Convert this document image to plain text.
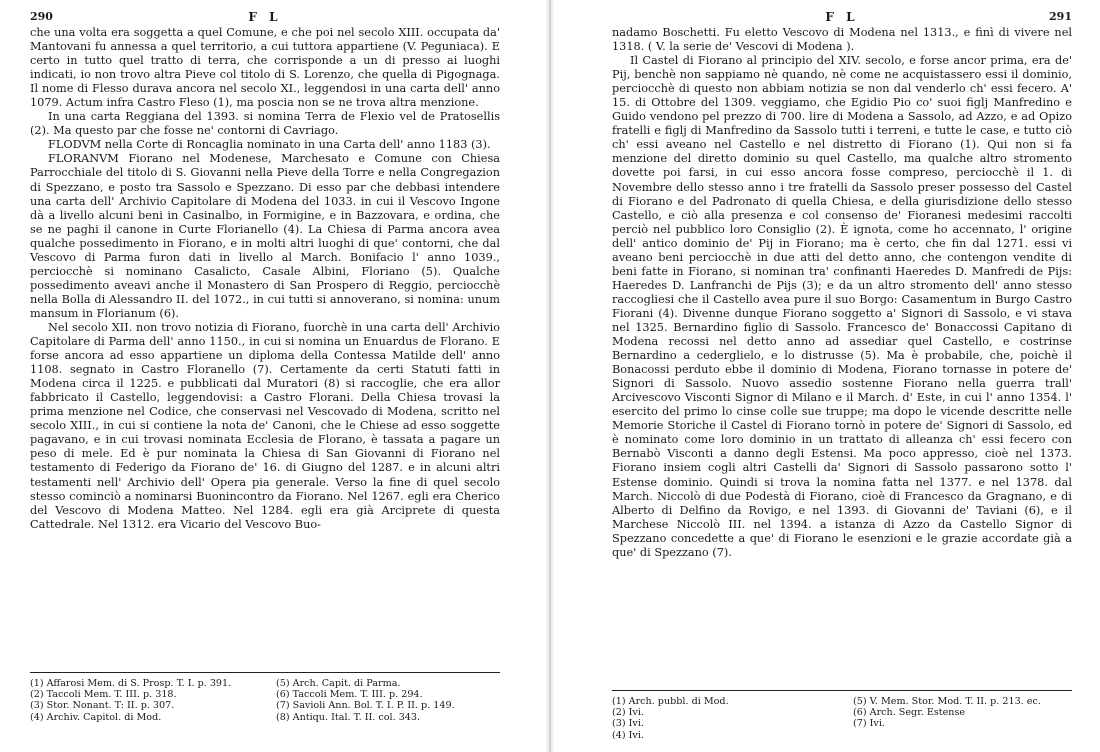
290	F L

che una volta era soggetta a quel Comune, e che poi nel secolo XIII. occupata da' Mantovani fu annessa a quel territorio, a cui tuttora appartiene (V. Peguniaca). E certo in tutto quel tratto di terra, che corrisponde a un di presso ai luoghi indicati, io non trovo altra Pieve col titolo di S. Lorenzo, che quella di Pigognaga. Il nome di Flesso durava ancora nel secolo XI., leggendosi in una carta dell' anno 1079. Actum infra Castro Fleso (1), ma poscia non se ne trova altra menzione.

In una carta Reggiana del 1393. si nomina Terra de Flexio vel de Pratosellis (2). Ma questo par che fosse ne' contorni di Cavriago.

FLODVM nella Corte di Roncaglia nominato in una Carta dell' anno 1183 (3).

FLORANVM Fiorano nel Modenese, Marchesato e Comune con Chiesa Parrocchiale del titolo di S. Giovanni nella Pieve della Torre e nella Congregazion di Spezzano, e posto tra Sassolo e Spezzano. Di esso par che debbasi intendere una carta dell' Archivio Capitolare di Modena del 1033. in cui il Vescovo Ingone dà a livello alcuni beni in Casinalbo, in Formigine, e in Bazzovara, e ordina, che se ne paghi il canone in Curte Florianello (4). La Chiesa di Parma ancora avea qualche possedimento in Fiorano, e in molti altri luoghi di que' contorni, che dal Vescovo di Parma furon dati in livello al March. Bonifacio l' anno 1039., perciocchè si nominano Casalicto, Casale Albini, Floriano (5). Qualche possedimento aveavi anche il Monastero di San Prospero di Reggio, perciocchè nella Bolla di Alessandro II. del 1072., in cui tutti si annoverano, si nomina: unum mansum in Florianum (6).

Nel secolo XII. non trovo notizia di Fiorano, fuorchè in una carta dell' Archivio Capitolare di Parma dell' anno 1150., in cui si nomina un Enuardus de Florano. E forse ancora ad esso appartiene un diploma della Contessa Matilde dell' anno 1108. segnato in Castro Floranello (7). Certamente da certi Statuti fatti in Modena circa il 1225. e pubblicati dal Muratori (8) si raccoglie, che era allor fabbricato il Castello, leggendovisi: a Castro Florani. Della Chiesa trovasi la prima menzione nel Codice, che conservasi nel Vescovado di Modena, scritto nel secolo XIII., in cui si contiene la nota de' Canoni, che le Chiese ad esso soggette pagavano, e in cui trovasi nominata Ecclesia de Florano, è tassata a pagare un peso di mele. Ed è pur nominata la Chiesa di San Giovanni di Fiorano nel testamento di Federigo da Fiorano de' 16. di Giugno del 1287. e in alcuni altri testamenti nell' Archivio dell' Opera pia generale. Verso la fine di quel secolo stesso cominciò a nominarsi Buonincontro da Fiorano. Nel 1267. egli era Cherico del Vescovo di Modena Matteo. Nel 1284. egli era già Arciprete di questa Cattedrale. Nel 1312. era Vicario del Vescovo Buo-

(1) Affarosi Mem. di S. Prosp. T. I. p. 391.
(2) Taccoli Mem. T. III. p. 318.
(3) Stor. Nonant. T: II. p. 307.
(4) Archiv. Capitol. di Mod.
(5) Arch. Capit. di Parma.
(6) Taccoli Mem. T. III. p. 294.
(7) Savioli Ann. Bol. T. I. P. II. p. 149.
(8) Antiqu. Ital. T. II. col. 343.
F L	291

nadamo Boschetti. Fu eletto Vescovo di Modena nel 1313., e finì di vivere nel 1318. ( V. la serie de' Vescovi di Modena ).

Il Castel di Fiorano al principio del XIV. secolo, e forse ancor prima, era de' Pij, benchè non sappiamo nè quando, nè come ne acquistassero essi il dominio, perciocchè di questo non abbiam notizia se non dal venderlo ch' essi fecero. A' 15. di Ottobre del 1309. veggiamo, che Egidio Pio co' suoi figlj Manfredino e Guido vendono pel prezzo di 700. lire di Modena a Sassolo, ad Azzo, e ad Opizo fratelli e figlj di Manfredino da Sassolo tutti i terreni, e tutte le case, e tutto ciò ch' essi aveano nel Castello e nel distretto di Fiorano (1). Qui non si fa menzione del diretto dominio su quel Castello, ma qualche altro stromento dovette poi farsi, in cui esso ancora fosse compreso, perciocchè il 1. di Novembre dello stesso anno i tre fratelli da Sassolo preser possesso del Castel di Fiorano e del Padronato di quella Chiesa, e della giurisdizione dello stesso Castello, e ciò alla presenza e col consenso de' Fioranesi medesimi raccolti perciò nel pubblico loro Consiglio (2). È ignota, come ho accennato, l' origine dell' antico dominio de' Pij in Fiorano; ma è certo, che fin dal 1271. essi vi aveano beni perciocchè in due atti del detto anno, che contengon vendite di beni fatte in Fiorano, si nominan tra' confinanti Haeredes D. Manfredi de Pijs: Haeredes D. Lanfranchi de Pijs (3); e da un altro stromento dell' anno stesso raccogliesi che il Castello avea pure il suo Borgo: Casamentum in Burgo Castro Fiorani (4). Divenne dunque Fiorano soggetto a' Signori di Sassolo, e vi stava nel 1325. Bernardino figlio di Sassolo. Francesco de' Bonaccossi Capitano di Modena recossi nel detto anno ad assediar quel Castello, e costrinse Bernardino a cederglielo, e lo distrusse (5). Ma è probabile, che, poichè il Bonacossi perduto ebbe il dominio di Modena, Fiorano tornasse in potere de' Signori di Sassolo. Nuovo assedio sostenne Fiorano nella guerra trall' Arcivescovo Visconti Signor di Milano e il March. d' Este, in cui l' anno 1354. l' esercito del primo lo cinse colle sue truppe; ma dopo le vicende descritte nelle Memorie Storiche il Castel di Fiorano tornò in potere de' Signori di Sassolo, ed è nominato come loro dominio in un trattato di alleanza ch' essi fecero con Bernabò Visconti a danno degli Estensi. Ma poco appresso, cioè nel 1373. Fiorano insiem cogli altri Castelli da' Signori di Sassolo passarono sotto l' Estense dominio. Quindi si trova la nomina fatta nel 1377. e nel 1378. dal March. Niccolò di due Podestà di Fiorano, cioè di Francesco da Gragnano, e di Alberto di Delfino da Rovigo, e nel 1393. di Giovanni de' Taviani (6), e il Marchese Niccolò III. nel 1394. a istanza di Azzo da Castello Signor di Spezzano concedette a que' di Fiorano le esenzioni e le grazie accordate già a que' di Spezzano (7).

(1) Arch. pubbl. di Mod.
(2) Ivi.
(3) Ivi.
(4) Ivi.
(5) V. Mem. Stor. Mod. T. II. p. 213. ec.
(6) Arch. Segr. Estense
(7) Ivi.
